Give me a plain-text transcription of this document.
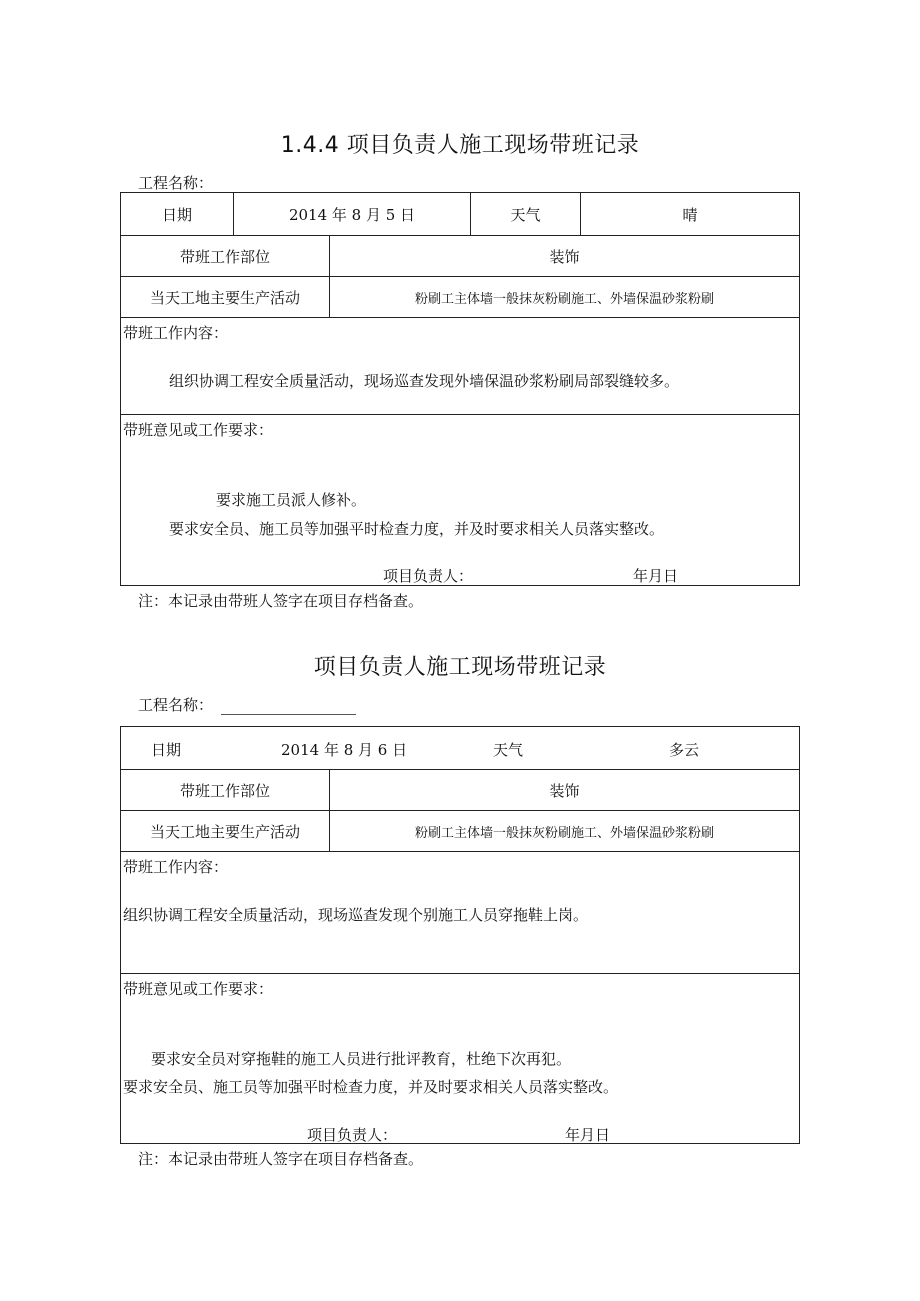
1.4.4 项目负责人施工现场带班记录
工程名称：
日期	2014 年 8 月 5 日	天气	晴
带班工作部位	装饰
当天工地主要生产活动	粉刷工主体墙一般抹灰粉刷施工、外墙保温砂浆粉刷
带班工作内容：
组织协调工程安全质量活动，现场巡查发现外墙保温砂浆粉刷局部裂缝较多。
带班意见或工作要求：
要求施工员派人修补。
要求安全员、施工员等加强平时检查力度，并及时要求相关人员落实整改。
项目负责人：	年月日
注：本记录由带班人签字在项目存档备查。
项目负责人施工现场带班记录
工程名称：
日期	2014 年 8 月 6 日	天气	多云
带班工作部位	装饰
当天工地主要生产活动	粉刷工主体墙一般抹灰粉刷施工、外墙保温砂浆粉刷
带班工作内容：
组织协调工程安全质量活动，现场巡查发现个别施工人员穿拖鞋上岗。
带班意见或工作要求：
要求安全员对穿拖鞋的施工人员进行批评教育，杜绝下次再犯。
要求安全员、施工员等加强平时检查力度，并及时要求相关人员落实整改。
项目负责人：	年月日
注：本记录由带班人签字在项目存档备查。
